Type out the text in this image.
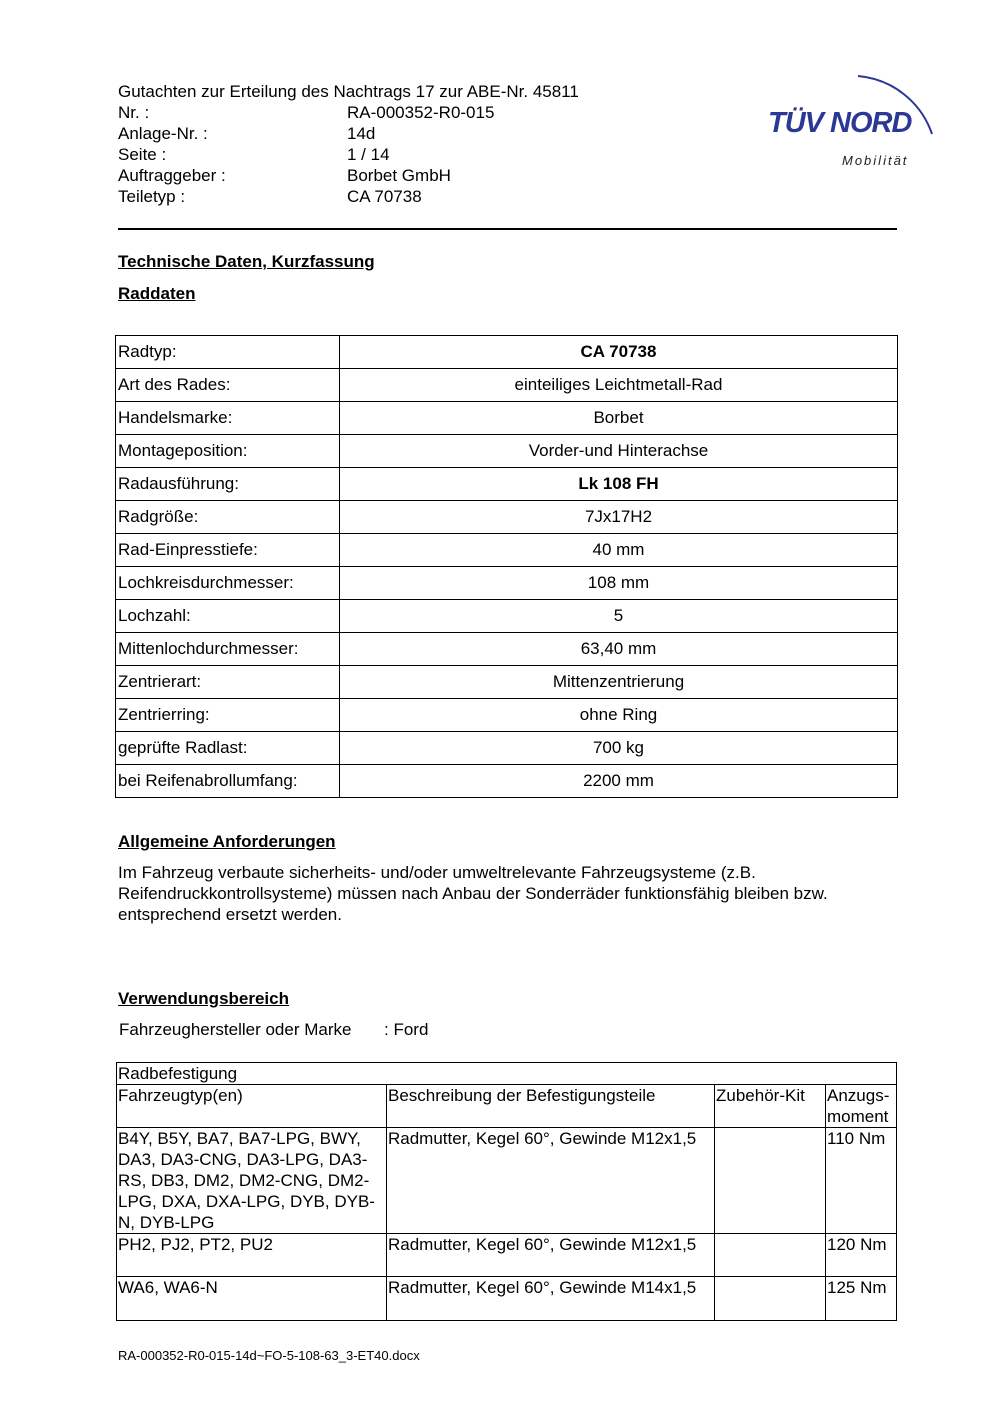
Gutachten zur Erteilung des Nachtrags 17 zur ABE-Nr. 45811
Nr. :	RA-000352-R0-015
Anlage-Nr. :	14d
Seite :	1 / 14
Auftraggeber :	Borbet GmbH
Teiletyp :	CA 70738
TÜV NORD
Mobilität
Technische Daten, Kurzfassung
Raddaten
Radtyp:	CA 70738
Art des Rades:	einteiliges Leichtmetall-Rad
Handelsmarke:	Borbet
Montageposition:	Vorder-und Hinterachse
Radausführung:	Lk 108 FH
Radgröße:	7Jx17H2
Rad-Einpresstiefe:	40 mm
Lochkreisdurchmesser:	108 mm
Lochzahl:	5
Mittenlochdurchmesser:	63,40 mm
Zentrierart:	Mittenzentrierung
Zentrierring:	ohne Ring
geprüfte Radlast:	700 kg
bei Reifenabrollumfang:	2200 mm
Allgemeine Anforderungen
Im Fahrzeug verbaute sicherheits- und/oder umweltrelevante Fahrzeugsysteme (z.B. Reifendruckkontrollsysteme) müssen nach Anbau der Sonderräder funktionsfähig bleiben bzw. entsprechend ersetzt werden.
Verwendungsbereich
Fahrzeughersteller oder Marke : Ford
Radbefestigung			
Fahrzeugtyp(en)	Beschreibung der Befestigungsteile	Zubehör-Kit	Anzugs- moment
B4Y, B5Y, BA7, BA7-LPG, BWY, DA3, DA3-CNG, DA3-LPG, DA3-RS, DB3, DM2, DM2-CNG, DM2-LPG, DXA, DXA-LPG, DYB, DYB-N, DYB-LPG	Radmutter, Kegel 60°, Gewinde M12x1,5		110 Nm
PH2, PJ2, PT2, PU2	Radmutter, Kegel 60°, Gewinde M12x1,5		120 Nm
WA6, WA6-N	Radmutter, Kegel 60°, Gewinde M14x1,5		125 Nm
RA-000352-R0-015-14d~FO-5-108-63_3-ET40.docx
